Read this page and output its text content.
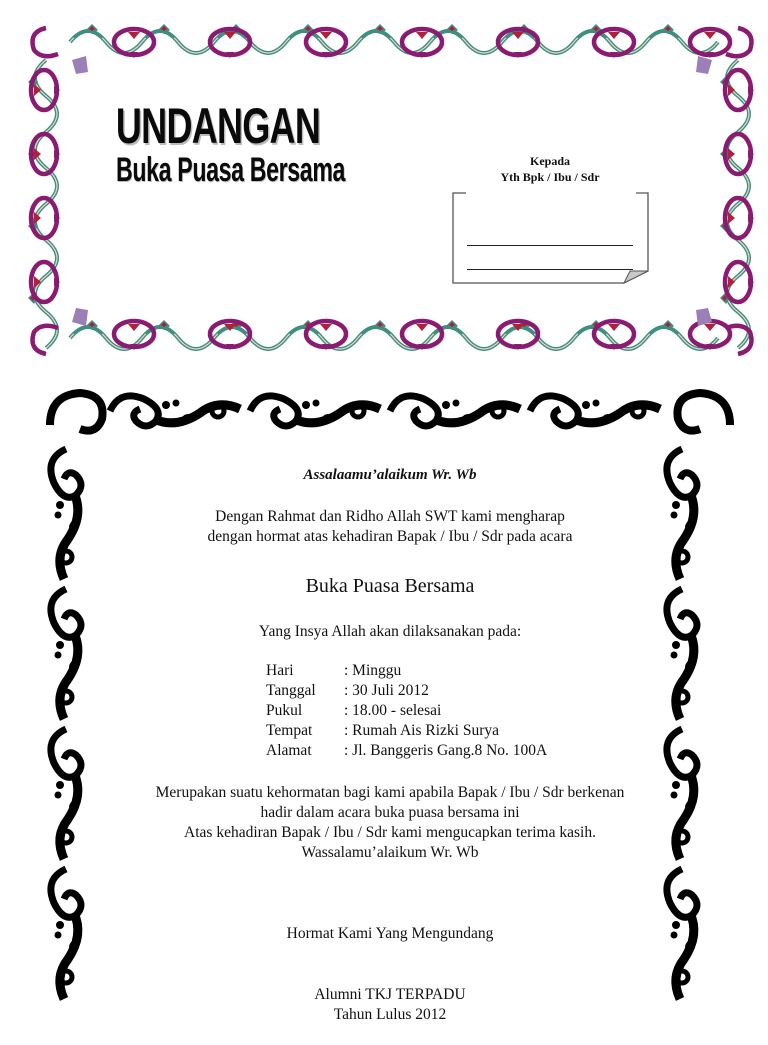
UNDANGAN
Buka Puasa Bersama	Kepada
Yth Bpk / Ibu / Sdr
Assalaamu’alaikum Wr. Wb
Dengan Rahmat dan Ridho Allah SWT kami mengharap
dengan hormat atas kehadiran Bapak / Ibu / Sdr pada acara
Buka Puasa Bersama
Yang Insya Allah akan dilaksanakan pada:
Hari	: Minggu
Tanggal	: 30 Juli 2012
Pukul	: 18.00 - selesai
Tempat	: Rumah Ais Rizki Surya
Alamat	: Jl. Banggeris Gang.8 No. 100A
Merupakan suatu kehormatan bagi kami apabila Bapak / Ibu / Sdr berkenan
hadir dalam acara buka puasa bersama ini
Atas kehadiran Bapak / Ibu / Sdr kami mengucapkan terima kasih.
Wassalamu’alaikum Wr. Wb
Hormat Kami Yang Mengundang
Alumni TKJ TERPADU
Tahun Lulus 2012
